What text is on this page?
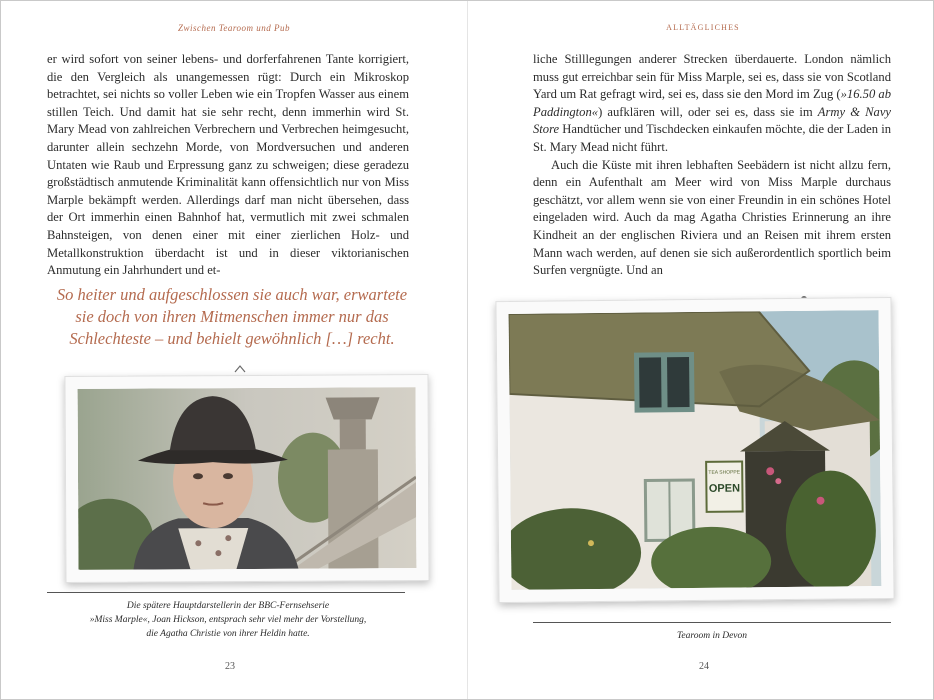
Zwischen Tearoom und Pub	ALLTÄGLICHES

er wird sofort von seiner lebens- und dorferfahrenen Tante korrigiert, die den Vergleich als unangemessen rügt: Durch ein Mikroskop betrachtet, sei nichts so voller Leben wie ein Tropfen Wasser aus einem stillen Teich. Und damit hat sie sehr recht, denn immerhin wird St. Mary Mead von zahlreichen Verbrechern und Verbrechen heimgesucht, darunter allein sechzehn Morde, von Mordversuchen und anderen Untaten wie Raub und Erpressung ganz zu schweigen; diese geradezu großstädtisch anmutende Kriminalität kann offensichtlich nur von Miss Marple bekämpft werden. Allerdings darf man nicht übersehen, dass der Ort immerhin einen Bahnhof hat, vermutlich mit zwei schmalen Bahnsteigen, von denen einer mit einer zierlichen Holz- und Metallkonstruktion überdacht ist und in dieser viktorianischen Anmutung ein Jahrhundert und et-

So heiter und aufgeschlossen sie auch war, erwartete sie doch von ihren Mitmenschen immer nur das Schlechteste – und behielt gewöhnlich […] recht.
Die spätere Hauptdarstellerin der BBC-Fernsehserie
»Miss Marple«, Joan Hickson, entsprach sehr viel mehr der Vorstellung,
die Agatha Christie von ihrer Heldin hatte.
23

liche Stilllegungen anderer Strecken überdauerte. London nämlich muss gut erreichbar sein für Miss Marple, sei es, dass sie von Scotland Yard um Rat gefragt wird, sei es, dass sie den Mord im Zug (»16.50 ab Paddington«) aufklären will, oder sei es, dass sie im Army & Navy Store Handtücher und Tischdecken einkaufen möchte, die der Laden in St. Mary Mead nicht führt.

Auch die Küste mit ihren lebhaften Seebädern ist nicht allzu fern, denn ein Aufenthalt am Meer wird von Miss Marple durchaus geschätzt, vor allem wenn sie von einer Freundin in ein schönes Hotel eingeladen wird. Auch da mag Agatha Christies Erinnerung an ihre Kindheit an der englischen Riviera und an Reisen mit ihrem ersten Mann wach werden, auf denen sie sich außerordentlich sportlich beim Surfen vergnügte. Und an

TEA SHOPPE
OPEN
Tearoom in Devon
24
